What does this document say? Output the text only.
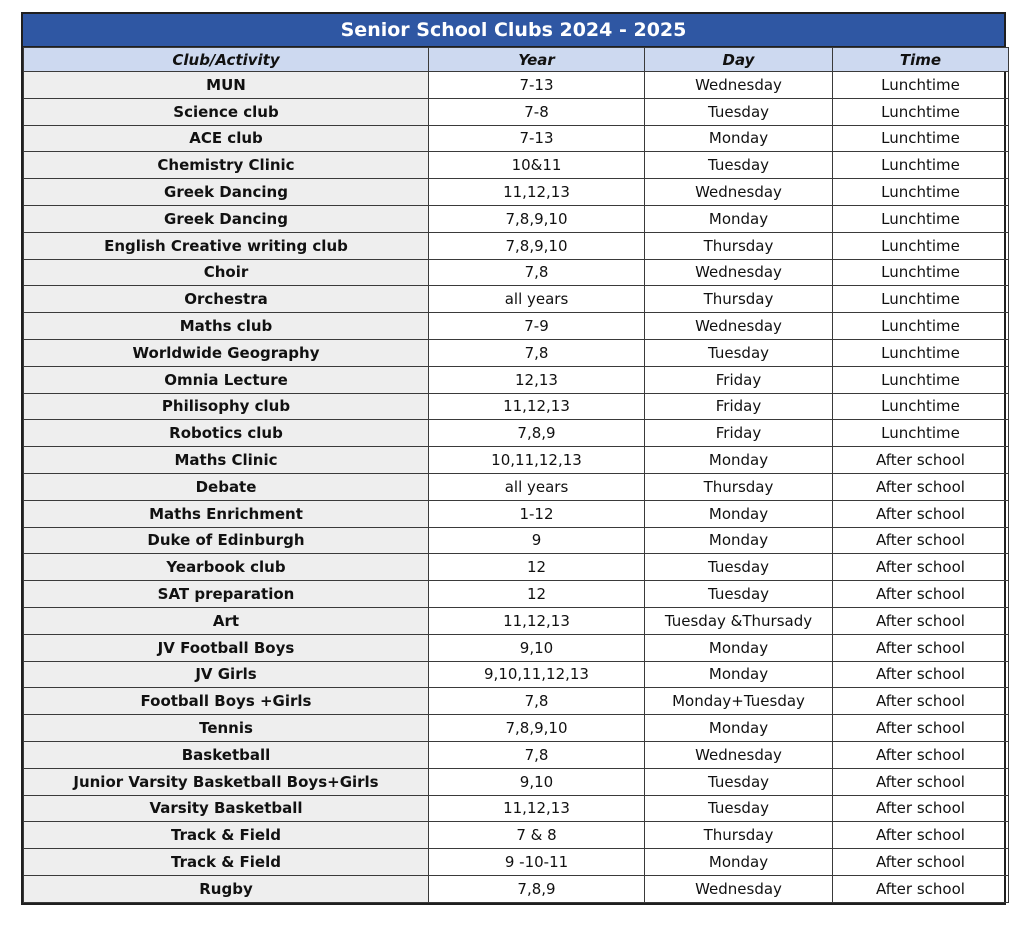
Senior School Clubs 2024 - 2025
Club/Activity	Year	Day	Time
MUN	7-13	Wednesday	Lunchtime
Science club	7-8	Tuesday	Lunchtime
ACE club	7-13	Monday	Lunchtime
Chemistry Clinic	10&11	Tuesday	Lunchtime
Greek Dancing	11,12,13	Wednesday	Lunchtime
Greek Dancing	7,8,9,10	Monday	Lunchtime
English Creative writing club	7,8,9,10	Thursday	Lunchtime
Choir	7,8	Wednesday	Lunchtime
Orchestra	all years	Thursday	Lunchtime
Maths club	7-9	Wednesday	Lunchtime
Worldwide Geography	7,8	Tuesday	Lunchtime
Omnia Lecture	12,13	Friday	Lunchtime
Philisophy club	11,12,13	Friday	Lunchtime
Robotics club	7,8,9	Friday	Lunchtime
Maths Clinic	10,11,12,13	Monday	After school
Debate	all years	Thursday	After school
Maths Enrichment	1-12	Monday	After school
Duke of Edinburgh	9	Monday	After school
Yearbook club	12	Tuesday	After school
SAT preparation	12	Tuesday	After school
Art	11,12,13	Tuesday &Thursady	After school
JV Football Boys	9,10	Monday	After school
JV Girls	9,10,11,12,13	Monday	After school
Football Boys +Girls	7,8	Monday+Tuesday	After school
Tennis	7,8,9,10	Monday	After school
Basketball	7,8	Wednesday	After school
Junior Varsity Basketball Boys+Girls	9,10	Tuesday	After school
Varsity Basketball	11,12,13	Tuesday	After school
Track & Field	7 & 8	Thursday	After school
Track & Field	9 -10-11	Monday	After school
Rugby	7,8,9	Wednesday	After school
